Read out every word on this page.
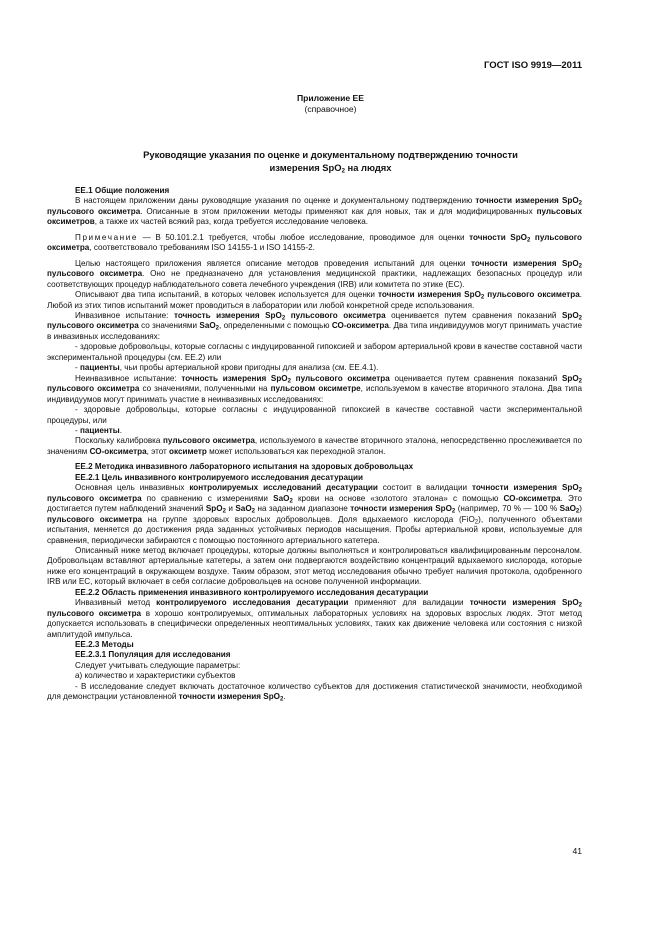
ГОСТ ISO 9919—2011
Приложение ЕЕ
(справочное)
Руководящие указания по оценке и документальному подтверждению точности
измерения SpO$_2$ на людях

ЕЕ.1 Общие положения

В настоящем приложении даны руководящие указания по оценке и документальному подтверждению точности измерения SpO$_2$ пульсового оксиметра. Описанные в этом приложении методы применяют как для новых, так и для модифицированных пульсовых оксиметров, а также их частей всякий раз, когда требуется исследование человека.

Примечание — В 50.101.2.1 требуется, чтобы любое исследование, проводимое для оценки точности SpO$_2$ пульсового оксиметра, соответствовало требованиям ISO 14155-1 и ISO 14155-2.

Целью настоящего приложения является описание методов проведения испытаний для оценки точности измерения SpO$_2$ пульсового оксиметра. Оно не предназначено для установления медицинской практики, надлежащих безопасных процедур или соответствующих процедур наблюдательного совета лечебного учреждения (IRB) или комитета по этике (ЕС).

Описывают два типа испытаний, в которых человек используется для оценки точности измерения SpO$_2$ пульсового оксиметра. Любой из этих типов испытаний может проводиться в лаборатории или любой конкретной среде использования.

Инвазивное испытание: точность измерения SpO$_2$ пульсового оксиметра оценивается путем сравнения показаний SpO$_2$ пульсового оксиметра со значениями SaO$_2$, определенными с помощью СО-оксиметра. Два типа индивидуумов могут принимать участие в инвазивных исследованиях:

- здоровые добровольцы, которые согласны с индуцированной гипоксией и забором артериальной крови в качестве составной части экспериментальной процедуры (см. ЕЕ.2) или

- пациенты, чьи пробы артериальной крови пригодны для анализа (см. ЕЕ.4.1).

Неинвазивное испытание: точность измерения SpO$_2$ пульсового оксиметра оценивается путем сравнения показаний SpO$_2$ пульсового оксиметра со значениями, полученными на пульсовом оксиметре, используемом в качестве вторичного эталона. Два типа индивидуумов могут принимать участие в неинвазивных исследованиях:

- здоровые добровольцы, которые согласны с индуцированной гипоксией в качестве составной части экспериментальной процедуры, или

- пациенты.

Поскольку калибровка пульсового оксиметра, используемого в качестве вторичного эталона, непосредственно прослеживается по значениям СО-оксиметра, этот оксиметр может использоваться как переходной эталон.

ЕЕ.2 Методика инвазивного лабораторного испытания на здоровых добровольцах

ЕЕ.2.1 Цель инвазивного контролируемого исследования десатурации

Основная цель инвазивных контролируемых исследований десатурации состоит в валидации точности измерения SpO$_2$ пульсового оксиметра по сравнению с измерениями SaO$_2$ крови на основе «золотого эталона» с помощью СО-оксиметра. Это достигается путем наблюдений значений SpO$_2$ и SaO$_2$ на заданном диапазоне точности измерения SpO$_2$ (например, 70 % — 100 % SaO$_2$) пульсового оксиметра на группе здоровых взрослых добровольцев. Доля вдыхаемого кислорода (FiO$_2$), полученного объектами испытания, меняется до достижения ряда заданных устойчивых периодов насыщения. Пробы артериальной крови, используемые для сравнения, периодически забираются с помощью постоянного артериального катетера.

Описанный ниже метод включает процедуры, которые должны выполняться и контролироваться квалифицированным персоналом. Добровольцам вставляют артериальные катетеры, а затем они подвергаются воздействию концентраций вдыхаемого кислорода, которые ниже его концентраций в окружающем воздухе. Таким образом, этот метод исследования обычно требует наличия протокола, одобренного IRB или ЕС, который включает в себя согласие добровольцев на основе полученной информации.

ЕЕ.2.2 Область применения инвазивного контролируемого исследования десатурации

Инвазивный метод контролируемого исследования десатурации применяют для валидации точности измерения SpO$_2$ пульсового оксиметра в хорошо контролируемых, оптимальных лабораторных условиях на здоровых взрослых людях. Этот метод допускается использовать в специфически определенных неоптимальных условиях, таких как движение человека или состояния с низкой амплитудой импульса.

ЕЕ.2.3 Методы

ЕЕ.2.3.1 Популяция для исследования

Следует учитывать следующие параметры:

а) количество и характеристики субъектов

- В исследование следует включать достаточное количество субъектов для достижения статистической значимости, необходимой для демонстрации установленной точности измерения SpO$_2$.

41
